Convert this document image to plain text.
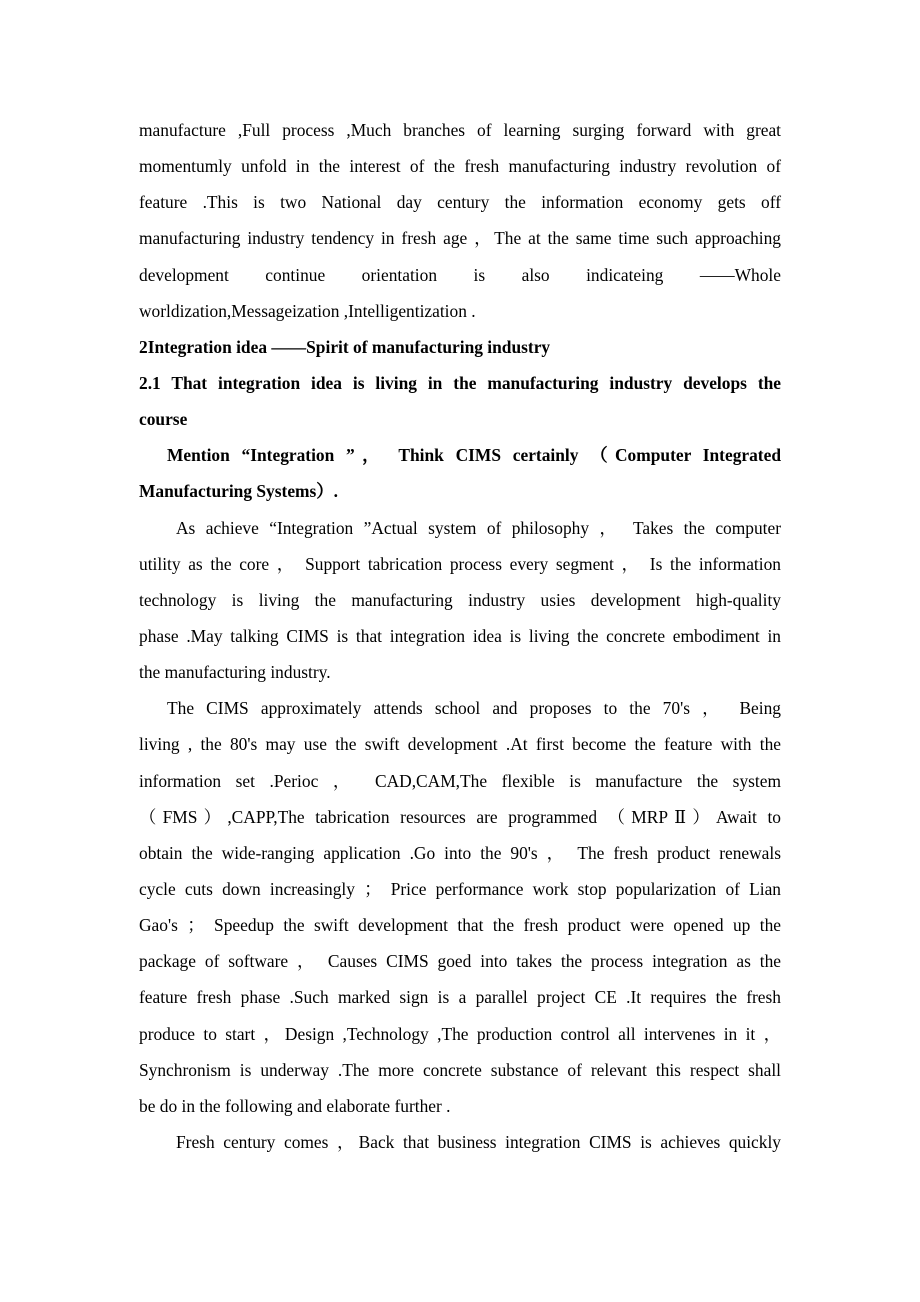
manufacture ,Full process ,Much branches of learning surging forward with great
momentumly unfold in the interest of the fresh manufacturing industry revolution of
feature .This is two National day century the information economy gets off
manufacturing industry tendency in fresh age ，The at the same time such approaching
development continue orientation is also indicateing ——Whole
worldization,Messageization ,Intelligentization .
2Integration idea ——Spirit of manufacturing industry
2.1 That integration idea is living in the manufacturing industry develops the
course
Mention “Integration ”， Think CIMS certainly （Computer Integrated
Manufacturing Systems）.
As achieve “Integration ”Actual system of philosophy ， Takes the computer
utility as the core ， Support tabrication process every segment ， Is the information
technology is living the manufacturing industry usies development high-quality
phase .May talking CIMS is that integration idea is living the concrete embodiment in
the manufacturing industry.
The CIMS approximately attends school and proposes to the 70's ， Being
living , the 80's may use the swift development .At first become the feature with the
information set .Perioc ， CAD,CAM,The flexible is manufacture the system
（FMS）,CAPP,The tabrication resources are programmed （MRPⅡ）Await to
obtain the wide-ranging application .Go into the 90's ， The fresh product renewals
cycle cuts down increasingly ； Price performance work stop popularization of Lian
Gao's ； Speedup the swift development that the fresh product were opened up the
package of software ， Causes CIMS goed into takes the process integration as the
feature fresh phase .Such marked sign is a parallel project CE .It requires the fresh
produce to start ，Design ,Technology ,The production control all intervenes in it ，
Synchronism is underway .The more concrete substance of relevant this respect shall
be do in the following and elaborate further .
Fresh century comes ，Back that business integration CIMS is achieves quickly
